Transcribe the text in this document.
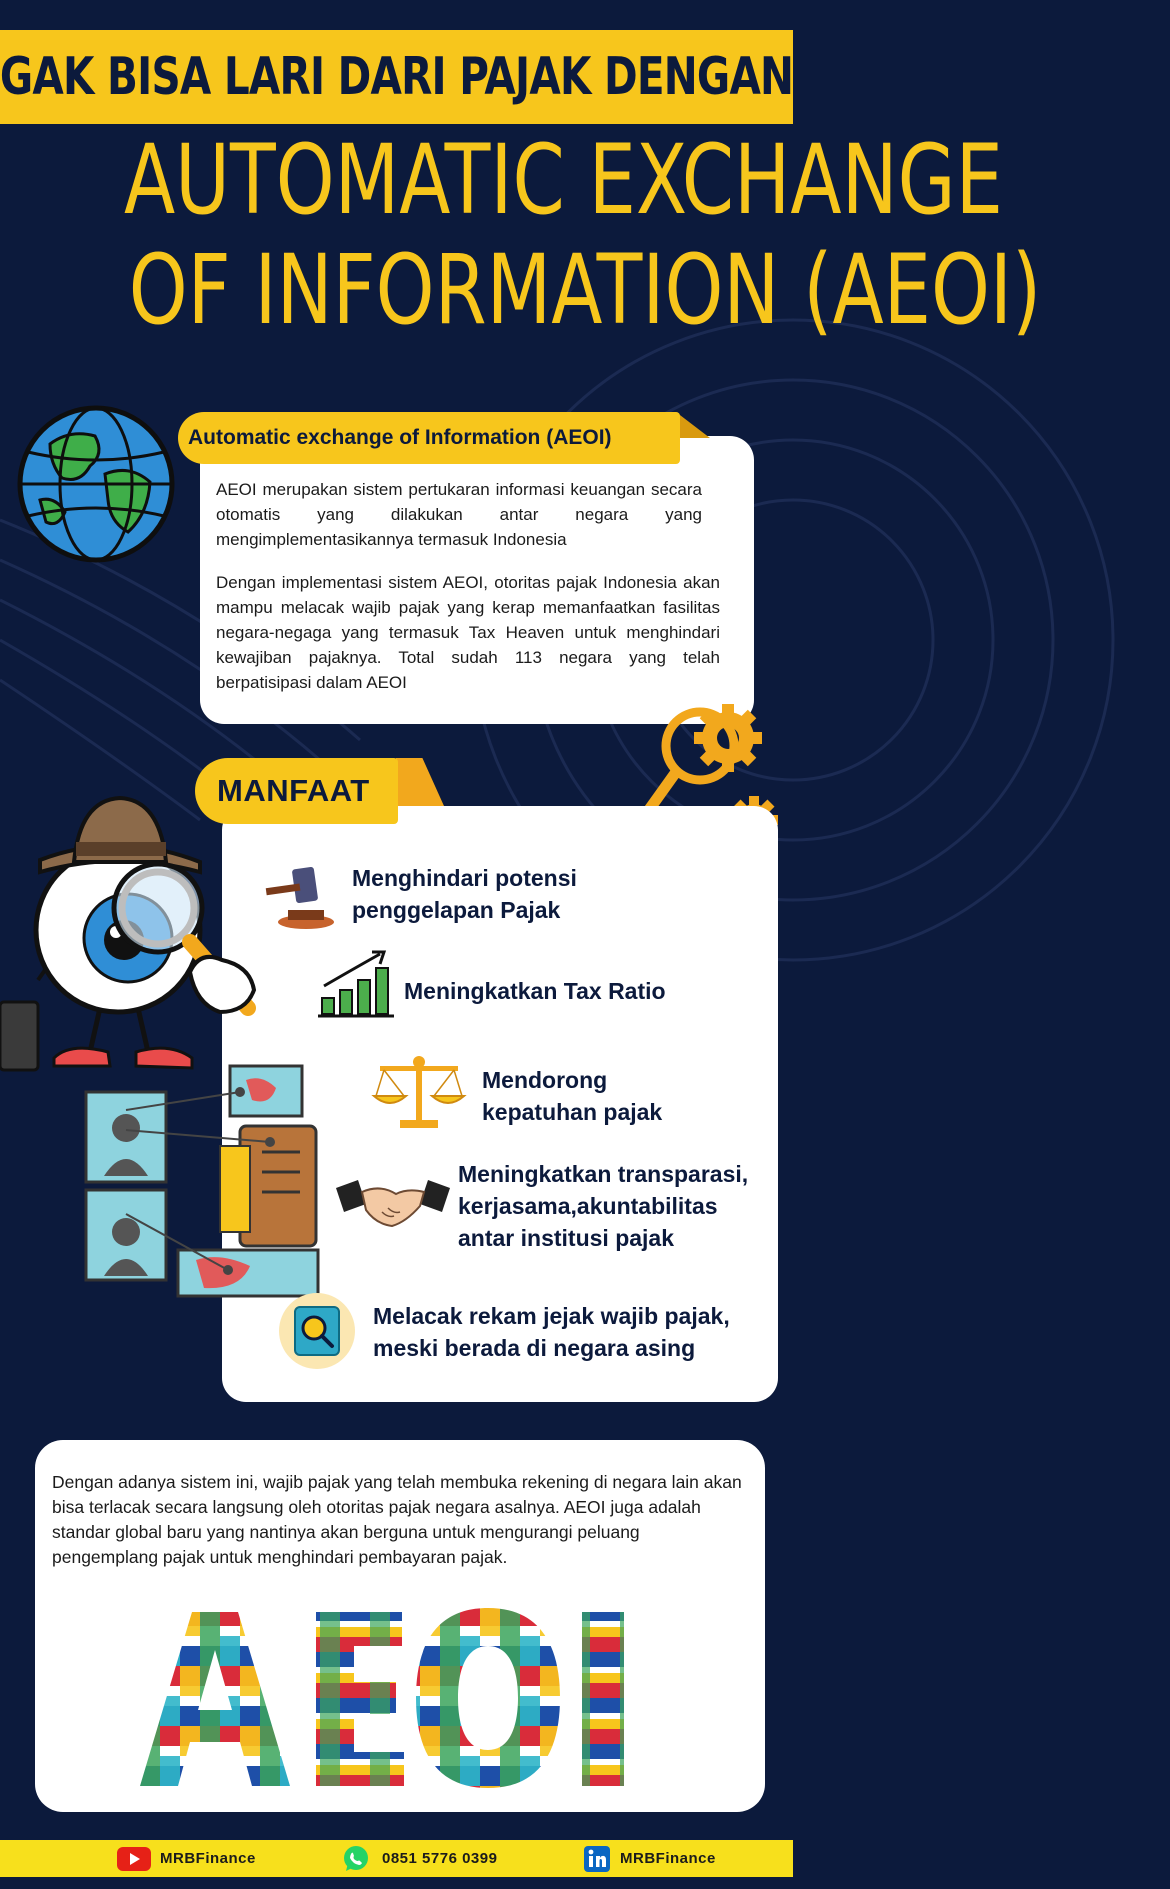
GAK BISA LARI DARI PAJAK DENGAN
AUTOMATIC EXCHANGE
OF INFORMATION (AEOI)
Automatic exchange of Information (AEOI)

AEOI merupakan sistem pertukaran informasi keuangan secara otomatis yang dilakukan antar negara yang mengimplementasikannya termasuk Indonesia

Dengan implementasi sistem AEOI, otoritas pajak Indonesia akan mampu melacak wajib pajak yang kerap memanfaatkan fasilitas negara-negaga yang termasuk Tax Heaven untuk menghindari kewajiban pajaknya. Total sudah 113 negara yang telah berpatisipasi dalam AEOI

MANFAAT
Menghindari potensi
penggelapan Pajak
Meningkatkan Tax Ratio
Mendorong
kepatuhan pajak
Meningkatkan transparasi,
kerjasama,akuntabilitas
antar institusi pajak
Melacak rekam jejak wajib pajak,
meski berada di negara asing

Dengan adanya sistem ini, wajib pajak yang telah membuka rekening di negara lain akan bisa terlacak secara langsung oleh otoritas pajak negara asalnya. AEOI juga adalah standar global baru yang nantinya akan berguna untuk mengurangi peluang pengemplang pajak untuk menghindari pembayaran pajak.

MRBFinance	0851 5776 0399	MRBFinance
